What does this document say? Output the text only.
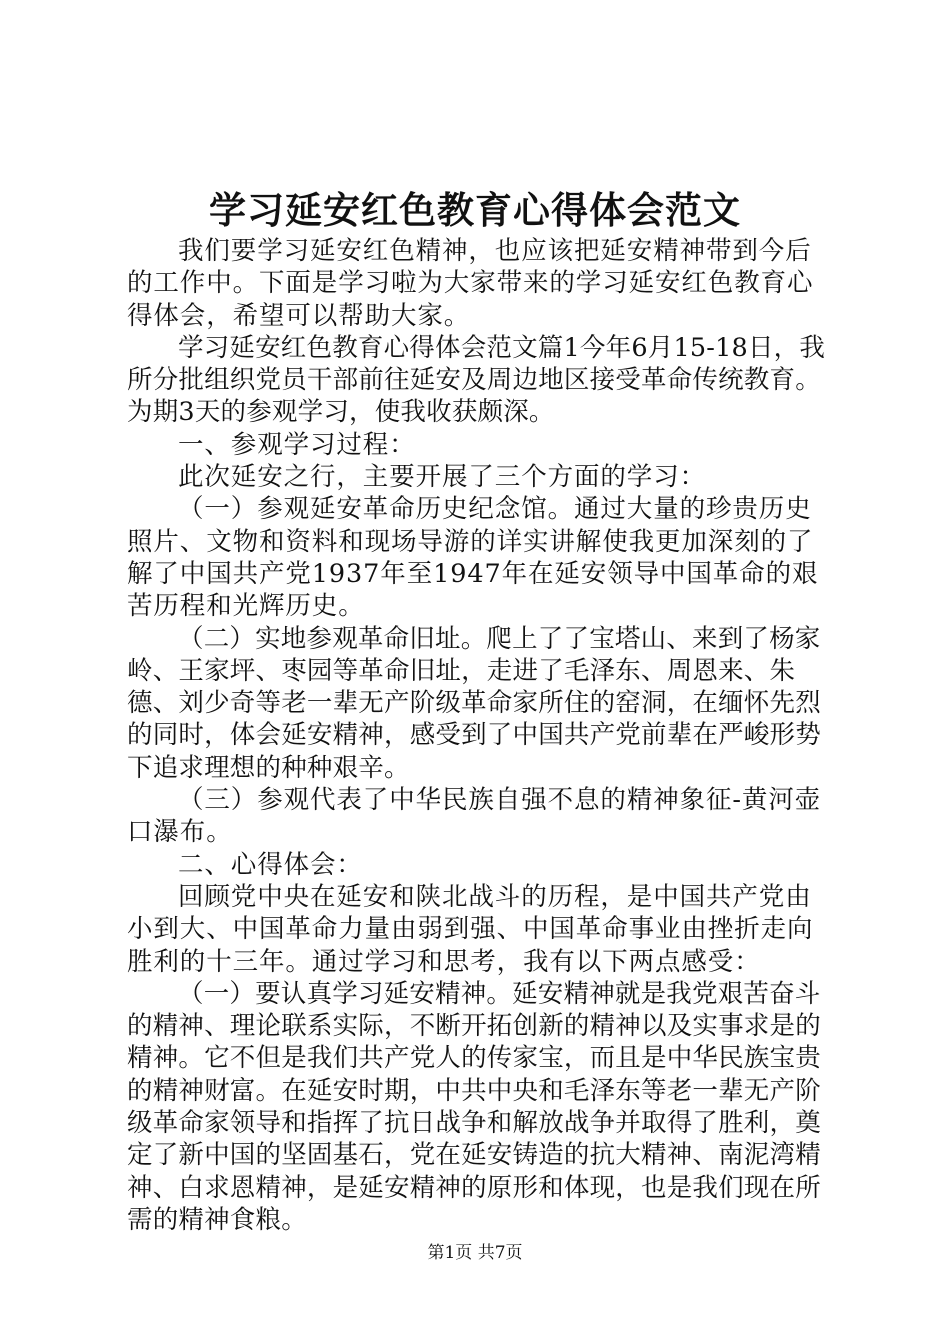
学习延安红色教育心得体会范文

我们要学习延安红色精神，也应该把延安精神带到今后的工作中。下面是学习啦为大家带来的学习延安红色教育心得体会，希望可以帮助大家。

学习延安红色教育心得体会范文篇1今年6月15-18日，我所分批组织党员干部前往延安及周边地区接受革命传统教育。为期3天的参观学习，使我收获颇深。

一、参观学习过程：

此次延安之行，主要开展了三个方面的学习：

（一）参观延安革命历史纪念馆。通过大量的珍贵历史照片、文物和资料和现场导游的详实讲解使我更加深刻的了解了中国共产党1937年至1947年在延安领导中国革命的艰苦历程和光辉历史。

（二）实地参观革命旧址。爬上了了宝塔山、来到了杨家岭、王家坪、枣园等革命旧址，走进了毛泽东、周恩来、朱德、刘少奇等老一辈无产阶级革命家所住的窑洞，在缅怀先烈的同时，体会延安精神，感受到了中国共产党前辈在严峻形势下追求理想的种种艰辛。

（三）参观代表了中华民族自强不息的精神象征-黄河壶口瀑布。

二、心得体会：

回顾党中央在延安和陕北战斗的历程，是中国共产党由小到大、中国革命力量由弱到强、中国革命事业由挫折走向胜利的十三年。通过学习和思考，我有以下两点感受：

（一）要认真学习延安精神。延安精神就是我党艰苦奋斗的精神、理论联系实际，不断开拓创新的精神以及实事求是的精神。它不但是我们共产党人的传家宝，而且是中华民族宝贵的精神财富。在延安时期，中共中央和毛泽东等老一辈无产阶级革命家领导和指挥了抗日战争和解放战争并取得了胜利，奠定了新中国的坚固基石，党在延安铸造的抗大精神、南泥湾精神、白求恩精神，是延安精神的原形和体现，也是我们现在所需的精神食粮。

第1页 共7页
